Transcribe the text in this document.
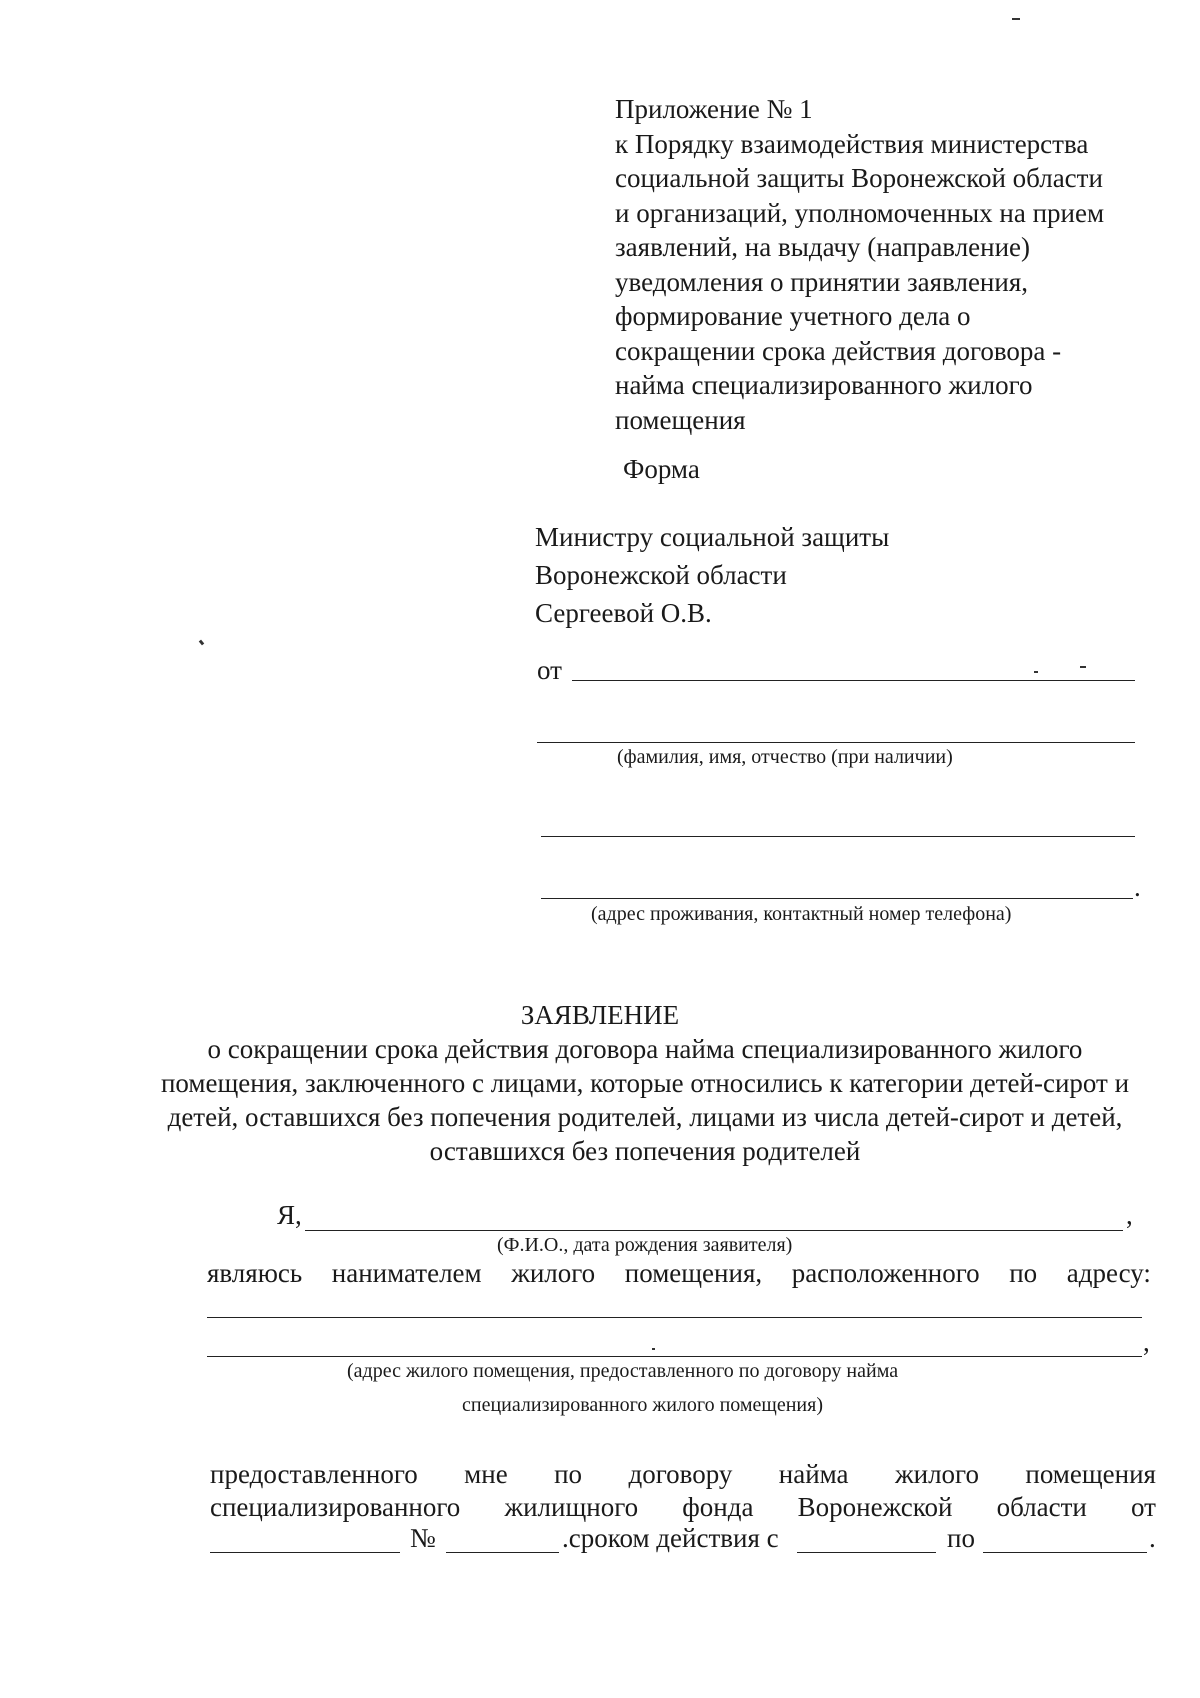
Приложение № 1
к Порядку взаимодействия министерства
социальной защиты Воронежской области
и организаций, уполномоченных на прием
заявлений, на выдачу (направление)
уведомления о принятии заявления,
формирование учетного дела о
сокращении срока действия договора -
найма специализированного жилого
помещения
Форма
Министру социальной защиты
Воронежской области
Сергеевой О.В.
от
(фамилия, имя, отчество (при наличии)
.
(адрес проживания, контактный номер телефона)
ЗАЯВЛЕНИЕ
о сокращении срока действия договора найма специализированного жилого помещения, заключенного с лицами, которые относились к категории детей-сирот и детей, оставшихся без попечения родителей, лицами из числа детей-сирот и детей, оставшихся без попечения родителей
Я,	,
(Ф.И.О., дата рождения заявителя)
являюсь нанимателем жилого помещения, расположенного по адресу:
,
(адрес жилого помещения, предоставленного по договору найма
специализированного жилого помещения)
предоставленного мне по договору найма жилого помещения
специализированного жилищного фонда Воронежской области от
№	.сроком действия с	по	.
